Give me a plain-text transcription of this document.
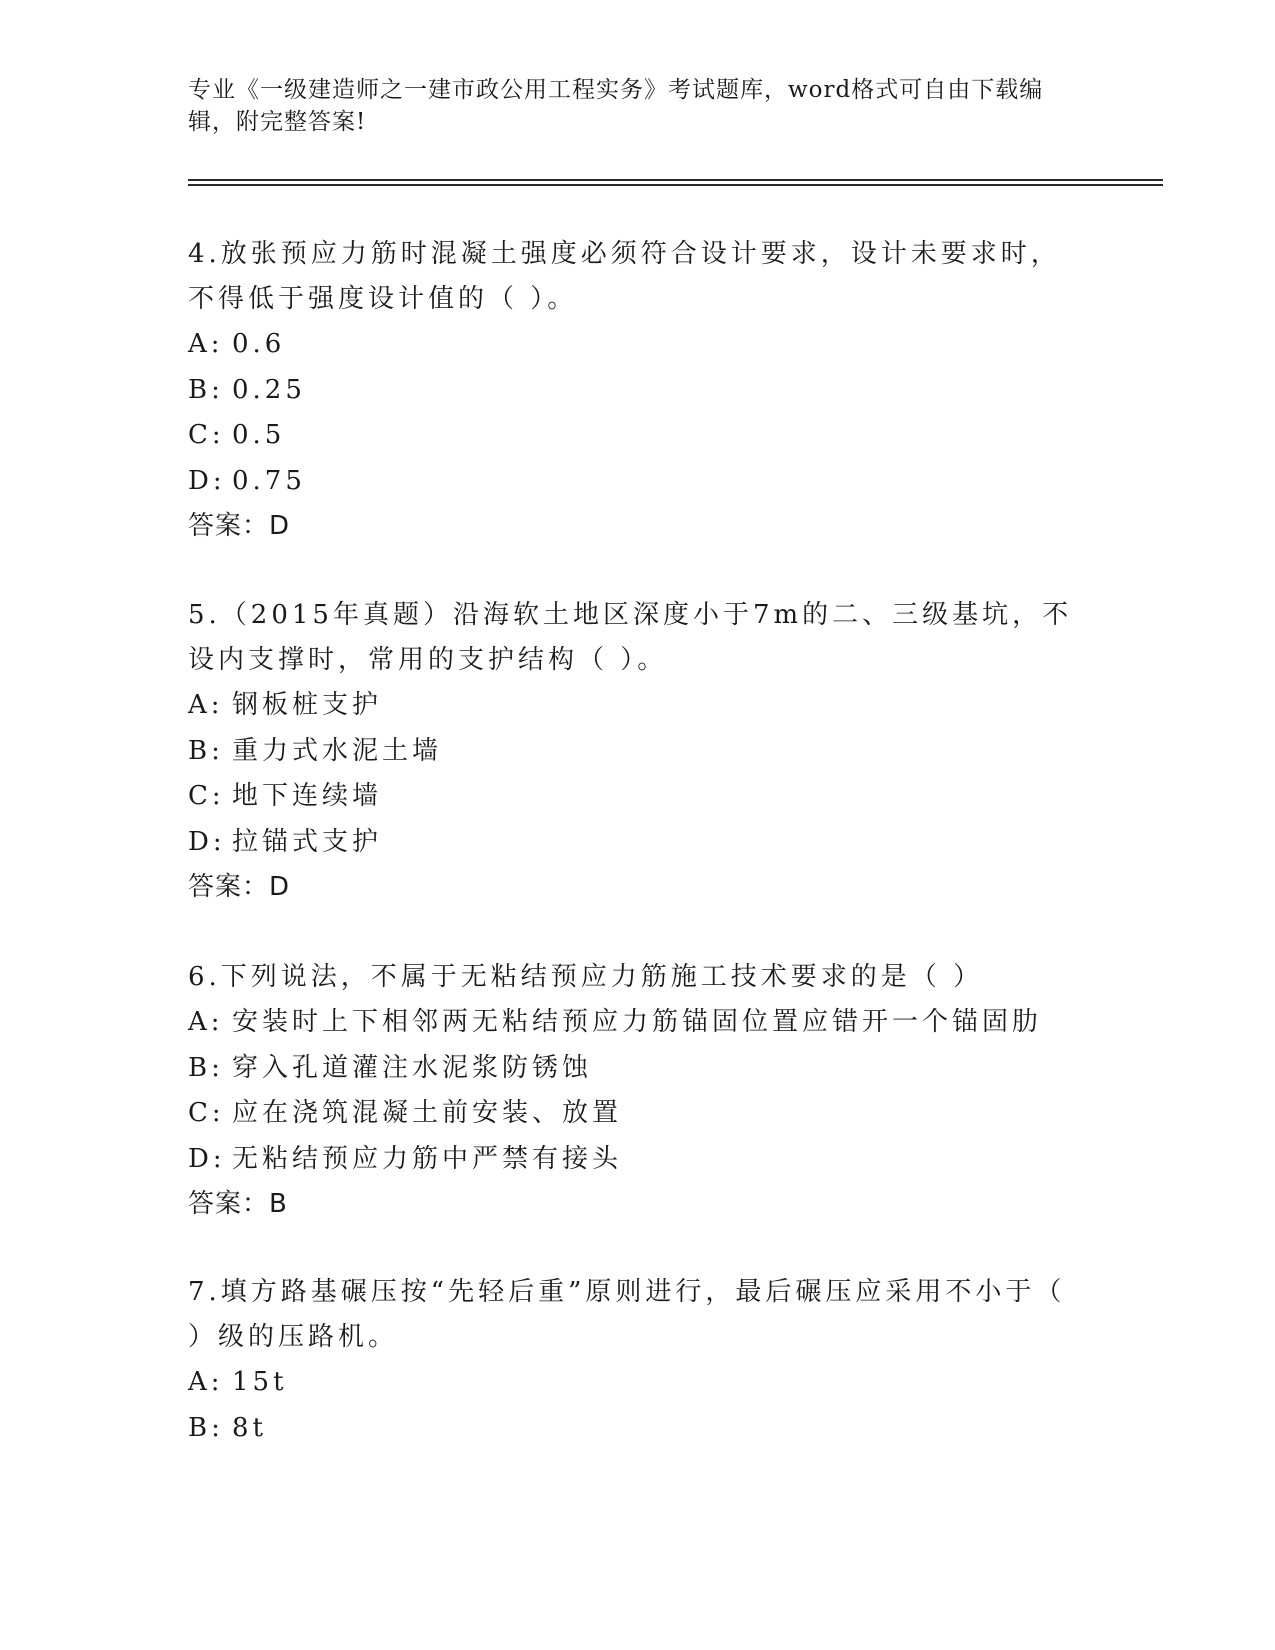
专业《一级建造师之一建市政公用工程实务》考试题库，word格式可自由下载编辑，附完整答案!

4.放张预应力筋时混凝土强度必须符合设计要求，设计未要求时，不得低于强度设计值的（ ）。

A: 0.6

B: 0.25

C: 0.5

D: 0.75

答案：D

5.（2015年真题）沿海软土地区深度小于7m的二、三级基坑，不设内支撑时，常用的支护结构（ ）。

A: 钢板桩支护

B: 重力式水泥土墙

C: 地下连续墙

D: 拉锚式支护

答案：D

6.下列说法，不属于无粘结预应力筋施工技术要求的是（ ）

A: 安装时上下相邻两无粘结预应力筋锚固位置应错开一个锚固肋

B: 穿入孔道灌注水泥浆防锈蚀

C: 应在浇筑混凝土前安装、放置

D: 无粘结预应力筋中严禁有接头

答案：B

7.填方路基碾压按“先轻后重”原则进行，最后碾压应采用不小于（ ）级的压路机。

A: 15t

B: 8t
